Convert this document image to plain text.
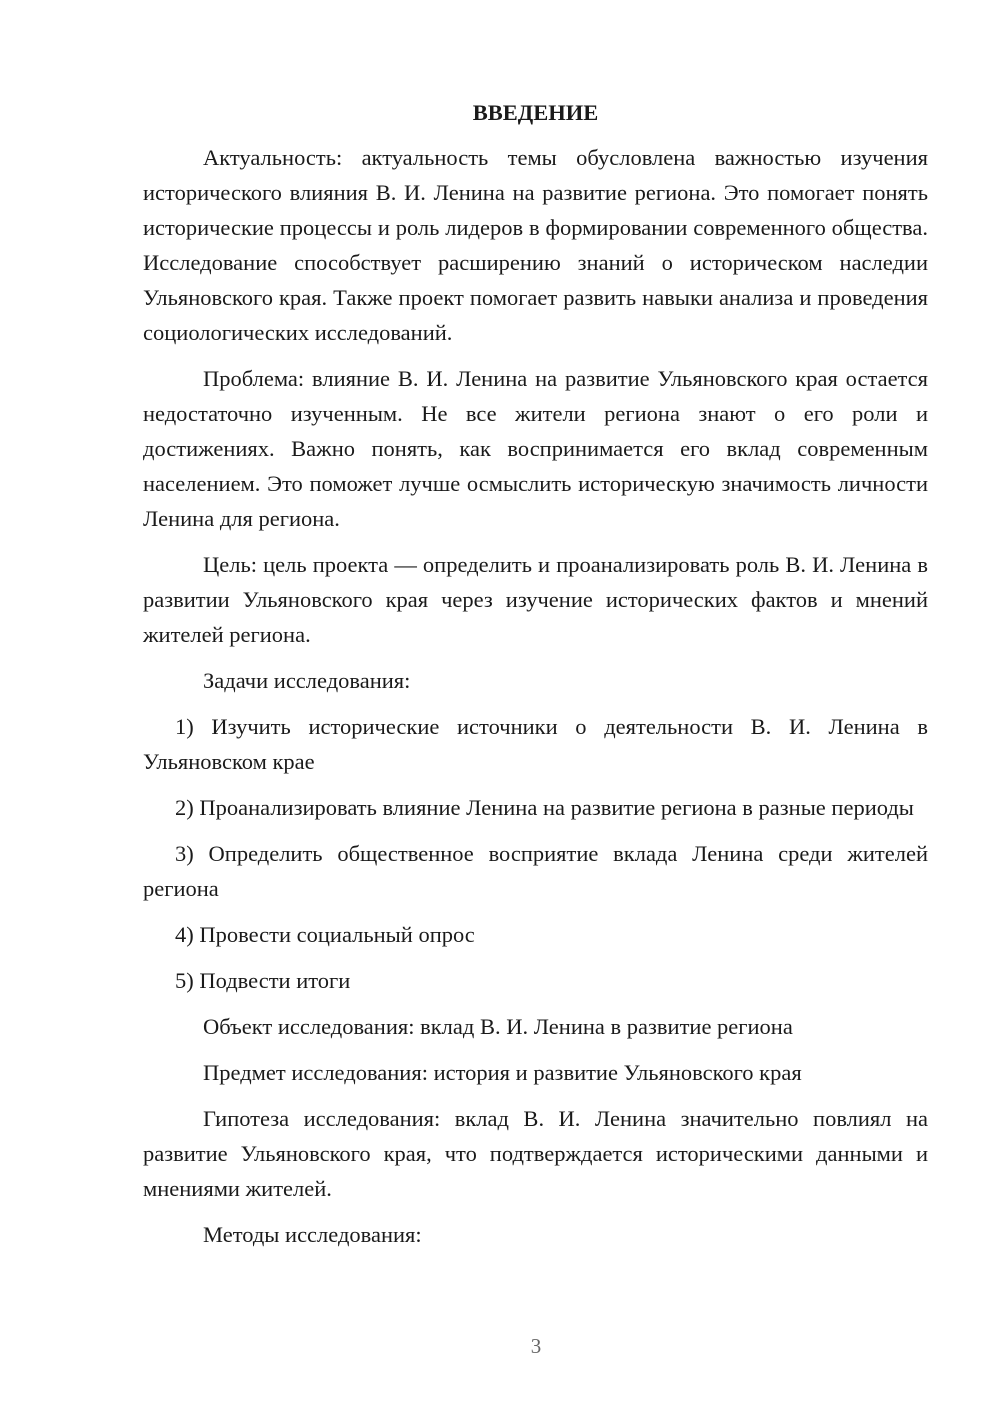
ВВЕДЕНИЕ

Актуальность: актуальность темы обусловлена важностью изучения исторического влияния В. И. Ленина на развитие региона. Это помогает понять исторические процессы и роль лидеров в формировании современного общества. Исследование способствует расширению знаний о историческом наследии Ульяновского края. Также проект помогает развить навыки анализа и проведения социологических исследований.

Проблема: влияние В. И. Ленина на развитие Ульяновского края остается недостаточно изученным. Не все жители региона знают о его роли и достижениях. Важно понять, как воспринимается его вклад современным населением. Это поможет лучше осмыслить историческую значимость личности Ленина для региона.

Цель: цель проекта — определить и проанализировать роль В. И. Ленина в развитии Ульяновского края через изучение исторических фактов и мнений жителей региона.

Задачи исследования:

1) Изучить исторические источники о деятельности В. И. Ленина в Ульяновском крае

2) Проанализировать влияние Ленина на развитие региона в разные периоды

3) Определить общественное восприятие вклада Ленина среди жителей региона

4) Провести социальный опрос

5) Подвести итоги

Объект исследования: вклад В. И. Ленина в развитие региона

Предмет исследования: история и развитие Ульяновского края

Гипотеза исследования: вклад В. И. Ленина значительно повлиял на развитие Ульяновского края, что подтверждается историческими данными и мнениями жителей.

Методы исследования:

3
